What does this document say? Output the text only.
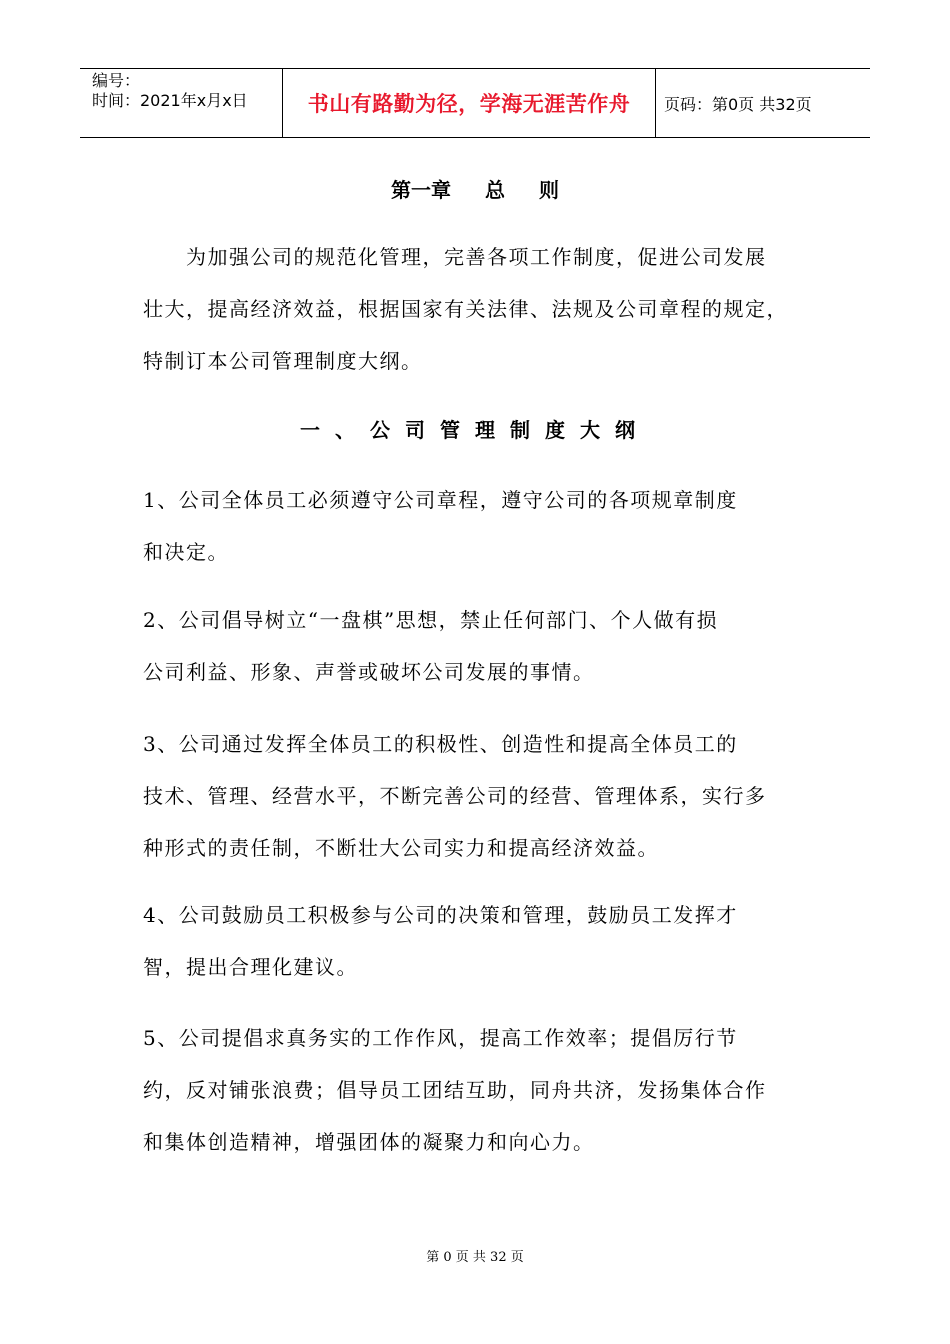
编号：
时间：2021年x月x日	书山有路勤为径，学海无涯苦作舟	页码：第0页 共32页
第一章 总 则
　　为加强公司的规范化管理，完善各项工作制度，促进公司发展
壮大，提高经济效益，根据国家有关法律、法规及公司章程的规定，
特制订本公司管理制度大纲。
一、公司管理制度大纲
1、公司全体员工必须遵守公司章程，遵守公司的各项规章制度
和决定。
2、公司倡导树立“一盘棋”思想，禁止任何部门、个人做有损
公司利益、形象、声誉或破坏公司发展的事情。
3、公司通过发挥全体员工的积极性、创造性和提高全体员工的
技术、管理、经营水平，不断完善公司的经营、管理体系，实行多
种形式的责任制，不断壮大公司实力和提高经济效益。
4、公司鼓励员工积极参与公司的决策和管理，鼓励员工发挥才
智，提出合理化建议。
5、公司提倡求真务实的工作作风，提高工作效率；提倡厉行节
约，反对铺张浪费；倡导员工团结互助，同舟共济，发扬集体合作
和集体创造精神，增强团体的凝聚力和向心力。
第 0 页 共 32 页
